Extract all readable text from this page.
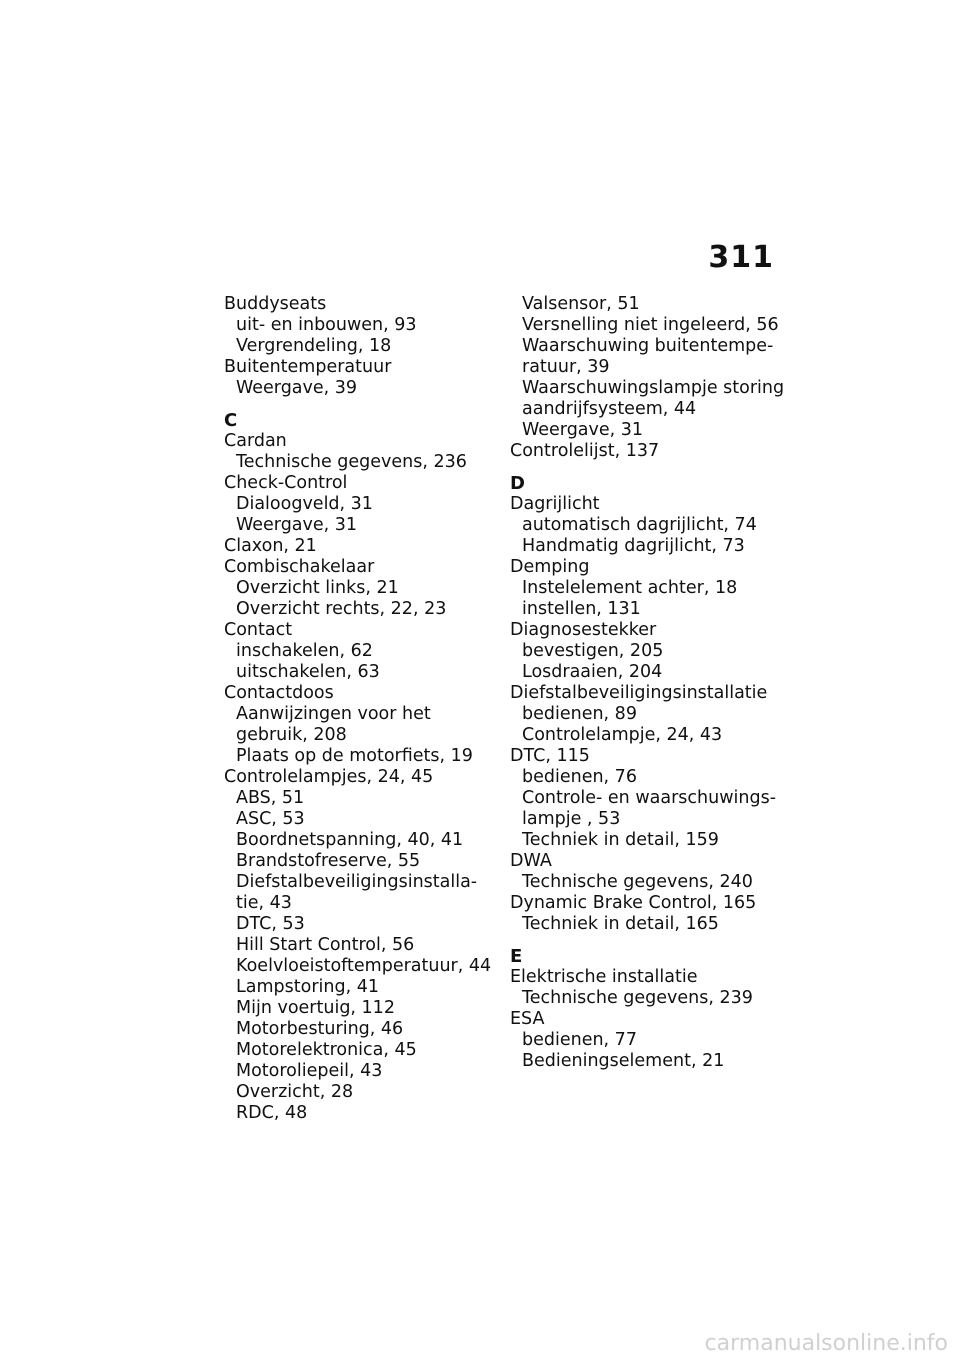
311
Buddyseats
uit- en inbouwen, 93
Vergrendeling, 18
Buitentemperatuur
Weergave, 39
C
Cardan
Technische gegevens, 236
Check-Control
Dialoogveld, 31
Weergave, 31
Claxon, 21
Combischakelaar
Overzicht links, 21
Overzicht rechts, 22, 23
Contact
inschakelen, 62
uitschakelen, 63
Contactdoos
Aanwijzingen voor het
gebruik, 208
Plaats op de motorfiets, 19
Controlelampjes, 24, 45
ABS, 51
ASC, 53
Boordnetspanning, 40, 41
Brandstofreserve, 55
Diefstalbeveiligingsinstalla-
tie, 43
DTC, 53
Hill Start Control, 56
Koelvloeistoftemperatuur, 44
Lampstoring, 41
Mijn voertuig, 112
Motorbesturing, 46
Motorelektronica, 45
Motoroliepeil, 43
Overzicht, 28
RDC, 48
Valsensor, 51
Versnelling niet ingeleerd, 56
Waarschuwing buitentempe-
ratuur, 39
Waarschuwingslampje storing
aandrijfsysteem, 44
Weergave, 31
Controlelijst, 137
D
Dagrijlicht
automatisch dagrijlicht, 74
Handmatig dagrijlicht, 73
Demping
Instelelement achter, 18
instellen, 131
Diagnosestekker
bevestigen, 205
Losdraaien, 204
Diefstalbeveiligingsinstallatie
bedienen, 89
Controlelampje, 24, 43
DTC, 115
bedienen, 76
Controle- en waarschuwings-
lampje , 53
Techniek in detail, 159
DWA
Technische gegevens, 240
Dynamic Brake Control, 165
Techniek in detail, 165
E
Elektrische installatie
Technische gegevens, 239
ESA
bedienen, 77
Bedieningselement, 21
carmanualsonline.info
